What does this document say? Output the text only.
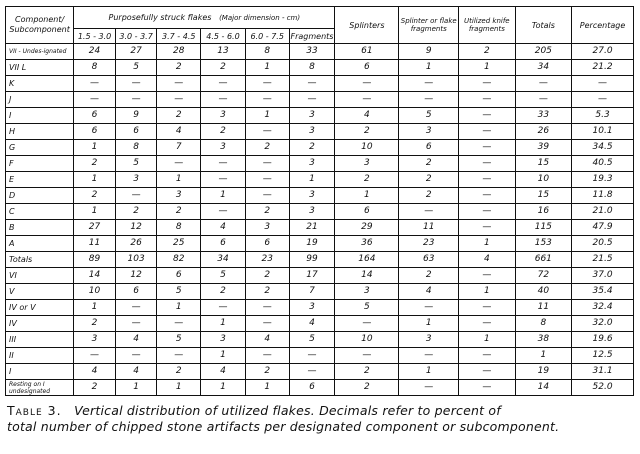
Component/
Subcomponent	Purposefully struck flakes (Major dimension - cm)						Splinters	Splinter or flake fragments	Utilized knife fragments	Totals	Percentage
	1.5 - 3.0	3.0 - 3.7	3.7 - 4.5	4.5 - 6.0	6.0 - 7.5	Fragments					
VII - Undes-ignated	24	27	28	13	8	33	61	9	2	205	27.0
VII L	8	5	2	2	1	8	6	1	1	34	21.2
K	—	—	—	—	—	—	—	—	—	—	—
J	—	—	—	—	—	—	—	—	—	—	—
I	6	9	2	3	1	3	4	5	—	33	5.3
H	6	6	4	2	—	3	2	3	—	26	10.1
G	1	8	7	3	2	2	10	6	—	39	34.5
F	2	5	—	—	—	3	3	2	—	15	40.5
E	1	3	1	—	—	1	2	2	—	10	19.3
D	2	—	3	1	—	3	1	2	—	15	11.8
C	1	2	2	—	2	3	6	—	—	16	21.0
B	27	12	8	4	3	21	29	11	—	115	47.9
A	11	26	25	6	6	19	36	23	1	153	20.5
Totals	89	103	82	34	23	99	164	63	4	661	21.5
VI	14	12	6	5	2	17	14	2	—	72	37.0
V	10	6	5	2	2	7	3	4	1	40	35.4
IV or V	1	—	1	—	—	3	5	—	—	11	32.4
IV	2	—	—	1	—	4	—	1	—	8	32.0
III	3	4	5	3	4	5	10	3	1	38	19.6
II	—	—	—	1	—	—	—	—	—	1	12.5
I	4	4	2	4	2	—	2	1	—	19	31.1
Resting on I undesignated	2	1	1	1	1	6	2	—	—	14	52.0
Table 3. Vertical distribution of utilized flakes. Decimals refer to percent of
total number of chipped stone artifacts per designated component or subcomponent.
